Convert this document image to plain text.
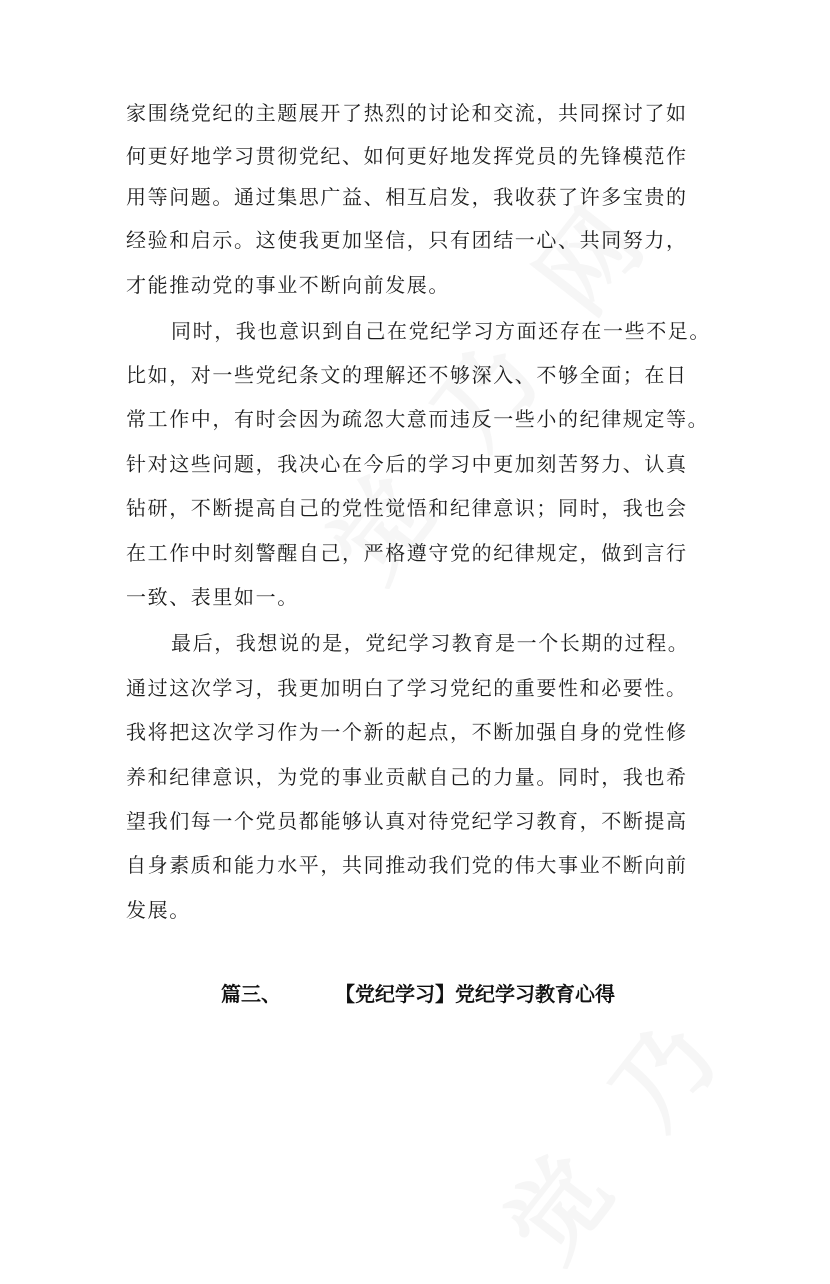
家围绕党纪的主题展开了热烈的讨论和交流，共同探讨了如
何更好地学习贯彻党纪、如何更好地发挥党员的先锋模范作
用等问题。通过集思广益、相互启发，我收获了许多宝贵的
经验和启示。这使我更加坚信，只有团结一心、共同努力，
才能推动党的事业不断向前发展。
同时，我也意识到自己在党纪学习方面还存在一些不足。
比如，对一些党纪条文的理解还不够深入、不够全面；在日
常工作中，有时会因为疏忽大意而违反一些小的纪律规定等。
针对这些问题，我决心在今后的学习中更加刻苦努力、认真
钻研，不断提高自己的党性觉悟和纪律意识；同时，我也会
在工作中时刻警醒自己，严格遵守党的纪律规定，做到言行
一致、表里如一。
最后，我想说的是，党纪学习教育是一个长期的过程。
通过这次学习，我更加明白了学习党纪的重要性和必要性。
我将把这次学习作为一个新的起点，不断加强自身的党性修
养和纪律意识，为党的事业贡献自己的力量。同时，我也希
望我们每一个党员都能够认真对待党纪学习教育，不断提高
自身素质和能力水平，共同推动我们党的伟大事业不断向前
发展。
篇三、	【党纪学习】党纪学习教育心得
